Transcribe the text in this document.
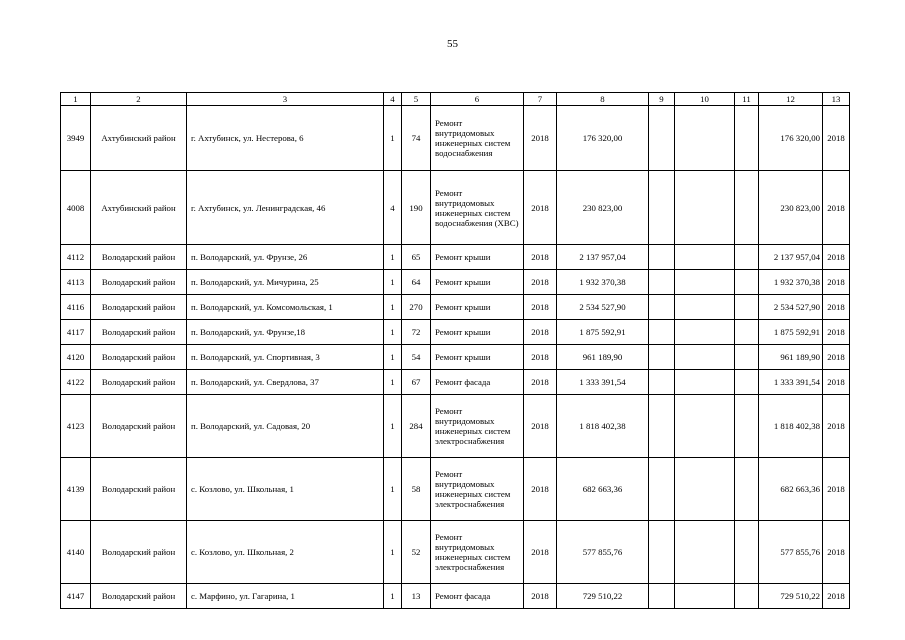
55
1	2	3	4	5	6	7	8	9	10	11	12	13
3949	Ахтубинский район	г. Ахтубинск, ул. Нестерова, 6	1	74	Ремонт внутридомовых инженерных систем водоснабжения	2018	176 320,00				176 320,00	2018
4008	Ахтубинский район	г. Ахтубинск, ул. Ленинградская, 46	4	190	Ремонт внутридомовых инженерных систем водоснабжения (ХВС)	2018	230 823,00				230 823,00	2018
4112	Володарский район	п. Володарский, ул. Фрунзе, 26	1	65	Ремонт крыши	2018	2 137 957,04				2 137 957,04	2018
4113	Володарский район	п. Володарский, ул. Мичурина, 25	1	64	Ремонт крыши	2018	1 932 370,38				1 932 370,38	2018
4116	Володарский район	п. Володарский, ул. Комсомольская, 1	1	270	Ремонт крыши	2018	2 534 527,90				2 534 527,90	2018
4117	Володарский район	п. Володарский, ул. Фрунзе,18	1	72	Ремонт крыши	2018	1 875 592,91				1 875 592,91	2018
4120	Володарский район	п. Володарский, ул. Спортивная, 3	1	54	Ремонт крыши	2018	961 189,90				961 189,90	2018
4122	Володарский район	п. Володарский, ул. Свердлова, 37	1	67	Ремонт фасада	2018	1 333 391,54				1 333 391,54	2018
4123	Володарский район	п. Володарский, ул. Садовая, 20	1	284	Ремонт внутридомовых инженерных систем электроснабжения	2018	1 818 402,38				1 818 402,38	2018
4139	Володарский район	с. Козлово, ул. Школьная, 1	1	58	Ремонт внутридомовых инженерных систем электроснабжения	2018	682 663,36				682 663,36	2018
4140	Володарский район	с. Козлово, ул. Школьная, 2	1	52	Ремонт внутридомовых инженерных систем электроснабжения	2018	577 855,76				577 855,76	2018
4147	Володарский район	с. Марфино, ул. Гагарина, 1	1	13	Ремонт фасада	2018	729 510,22				729 510,22	2018
